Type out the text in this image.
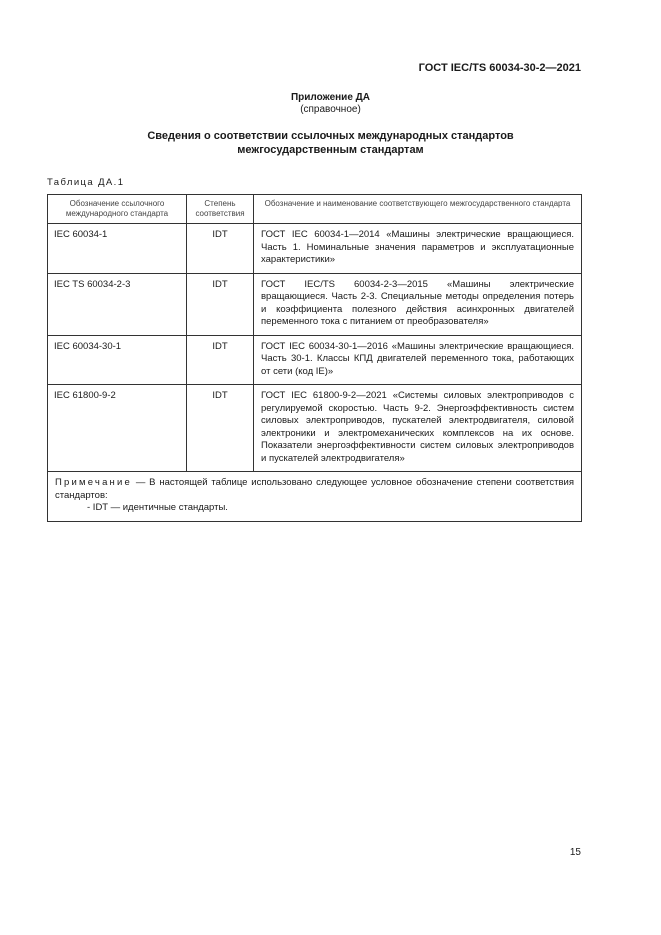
ГОСТ IEC/TS 60034-30-2—2021
Приложение ДА
(справочное)
Сведения о соответствии ссылочных международных стандартов
межгосударственным стандартам
Таблица ДА.1
Обозначение ссылочного международного стандарта	Степень соответствия	Обозначение и наименование соответствующего межгосударственного стандарта
IEC 60034-1	IDT	ГОСТ IEC 60034-1—2014 «Машины электрические вращающиеся. Часть 1. Номинальные значения параметров и эксплуатационные характеристики»
IEC TS 60034-2-3	IDT	ГОСТ IEC/TS 60034-2-3—2015 «Машины электрические вращающиеся. Часть 2-3. Специальные методы определения потерь и коэффициента полезного действия асинхронных двигателей переменного тока с питанием от преобразователя»
IEC 60034-30-1	IDT	ГОСТ IEC 60034-30-1—2016 «Машины электрические вращающиеся. Часть 30-1. Классы КПД двигателей переменного тока, работающих от сети (код IE)»
IEC 61800-9-2	IDT	ГОСТ IEC 61800-9-2—2021 «Системы силовых электроприводов с регулируемой скоростью. Часть 9-2. Энергоэффективность систем силовых электроприводов, пускателей электродвигателя, силовой электроники и электромеханических комплексов на их основе. Показатели энергоэффективности систем силовых электроприводов и пускателей электродвигателя»
Примечание — В настоящей таблице использовано следующее условное обозначение степени соответствия стандартов:
- IDT — идентичные стандарты.		
15
